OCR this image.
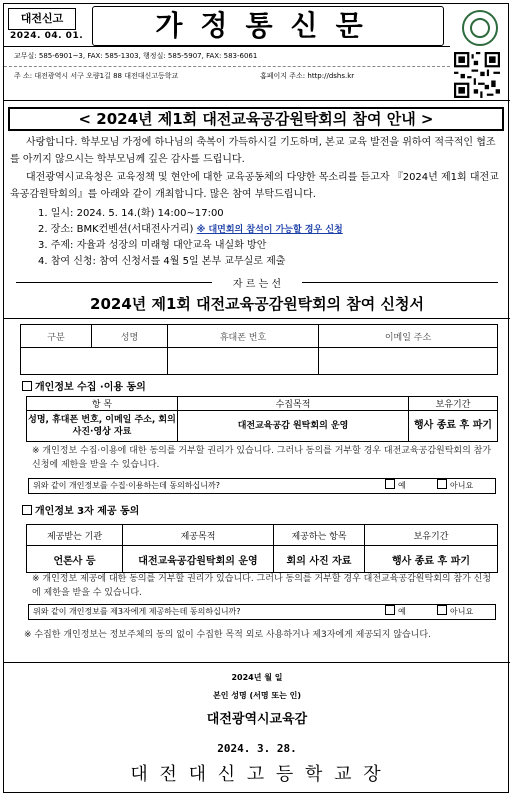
대전신고
2024. 04. 01.	가정통신문
교무실: 585-6901~3, FAX: 585-1303, 행정실: 585-5907, FAX: 583-6061
주 소: 대전광역시 서구 오량1길 88 대전대신고등학교	홈페이지 주소: http://dshs.kr
< 2024년 제1회 대전교육공감원탁회의 참여 안내 >
사랑합니다. 학부모님 가정에 하나님의 축복이 가득하시길 기도하며, 본교 교육 발전을 위하여 적극적인 협조를 아끼지 않으시는 학부모님께 깊은 감사를 드립니다.
대전광역시교육청은 교육정책 및 현안에 대한 교육공동체의 다양한 목소리를 듣고자 『2024년 제1회 대전교육공감원탁회의』를 아래와 같이 개최합니다. 많은 참여 부탁드립니다.
1. 일시: 2024. 5. 14.(화) 14:00~17:00
2. 장소: BMK컨벤션(서대전사거리) ※ 대면회의 참석이 가능할 경우 신청
3. 주제: 자율과 성장의 미래형 대안교육 내실화 방안
4. 참여 신청: 참여 신청서를 4월 5일 본부 교무실로 제출
자 르 는 선
2024년 제1회 대전교육공감원탁회의 참여 신청서
구분	성명	휴대폰 번호	이메일 주소

개인정보 수집 ·이용 동의
항 목	수집목적	보유기간
성명, 휴대폰 번호, 이메일 주소, 회의 사진·영상 자료	대전교육공감 원탁회의 운영	행사 종료 후 파기
※ 개인정보 수집·이용에 대한 동의를 거부할 권리가 있습니다. 그러나 동의를 거부할 경우 대전교육공감원탁회의 참가 신청에 제한을 받을 수 있습니다.
위와 같이 개인정보를 수집·이용하는데 동의하십니까?	예	아니요
개인정보 3자 제공 동의
제공받는 기관	제공목적	제공하는 항목	보유기간
언론사 등	대전교육공감원탁회의 운영	회의 사진 자료	행사 종료 후 파기
※ 개인정보 제공에 대한 동의를 거부할 권리가 있습니다. 그러나 동의를 거부할 경우 대전교육공감원탁회의 참가 신청에 제한을 받을 수 있습니다.
위와 같이 개인정보를 제3자에게 제공하는데 동의하십니까?	예	아니요
※ 수집한 개인정보는 정보주체의 동의 없이 수집한 목적 외로 사용하거나 제3자에게 제공되지 않습니다.
2024년 월 일
본인 성명 (서명 또는 인)
대전광역시교육감
2024. 3. 28.
대 전 대 신 고 등 학 교 장
